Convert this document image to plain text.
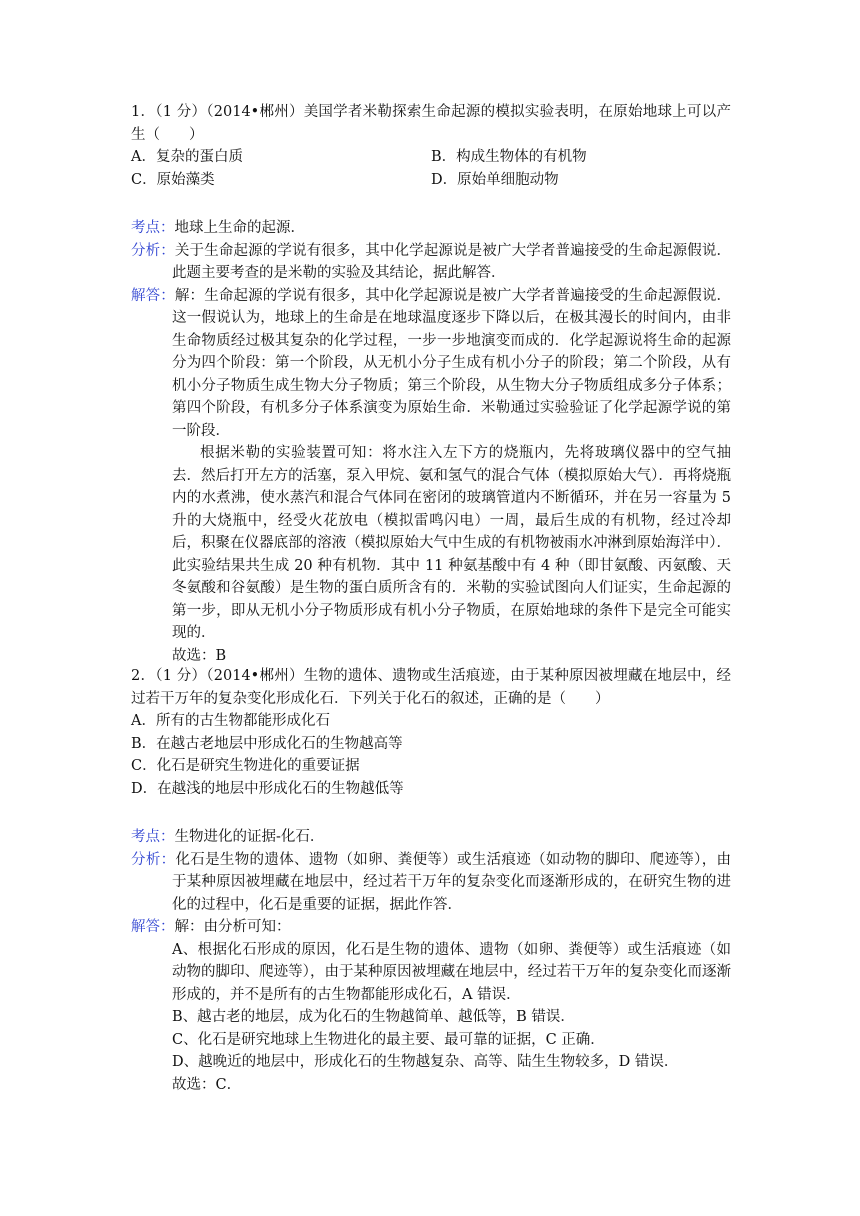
1．（1 分）（2014•郴州）美国学者米勒探索生命起源的模拟实验表明，在原始地球上可以产生（　　）
A．复杂的蛋白质	B．构成生物体的有机物
C．原始藻类	D．原始单细胞动物
考点： 地球上生命的起源．
分析：关于生命起源的学说有很多，其中化学起源说是被广大学者普遍接受的生命起源假说．此题主要考查的是米勒的实验及其结论，据此解答．
解答：解：生命起源的学说有很多，其中化学起源说是被广大学者普遍接受的生命起源假说．这一假说认为，地球上的生命是在地球温度逐步下降以后，在极其漫长的时间内，由非生命物质经过极其复杂的化学过程，一步一步地演变而成的．化学起源说将生命的起源分为四个阶段：第一个阶段，从无机小分子生成有机小分子的阶段；第二个阶段，从有机小分子物质生成生物大分子物质；第三个阶段，从生物大分子物质组成多分子体系；第四个阶段，有机多分子体系演变为原始生命．米勒通过实验验证了化学起源学说的第一阶段．
根据米勒的实验装置可知：将水注入左下方的烧瓶内，先将玻璃仪器中的空气抽去．然后打开左方的活塞，泵入甲烷、氨和氢气的混合气体（模拟原始大气）．再将烧瓶内的水煮沸，使水蒸汽和混合气体同在密闭的玻璃管道内不断循环，并在另一容量为 5 升的大烧瓶中，经受火花放电（模拟雷鸣闪电）一周，最后生成的有机物，经过冷却后，积聚在仪器底部的溶液（模拟原始大气中生成的有机物被雨水冲淋到原始海洋中）．此实验结果共生成 20 种有机物．其中 11 种氨基酸中有 4 种（即甘氨酸、丙氨酸、天冬氨酸和谷氨酸）是生物的蛋白质所含有的．米勒的实验试图向人们证实，生命起源的第一步，即从无机小分子物质形成有机小分子物质，在原始地球的条件下是完全可能实现的．
故选：B
2．（1 分）（2014•郴州）生物的遗体、遗物或生活痕迹，由于某种原因被埋藏在地层中，经过若干万年的复杂变化形成化石．下列关于化石的叙述，正确的是（　　）
A．所有的古生物都能形成化石
B．在越古老地层中形成化石的生物越高等
C．化石是研究生物进化的重要证据
D．在越浅的地层中形成化石的生物越低等
考点： 生物进化的证据-化石．
分析：化石是生物的遗体、遗物（如卵、粪便等）或生活痕迹（如动物的脚印、爬迹等），由于某种原因被埋藏在地层中，经过若干万年的复杂变化而逐渐形成的，在研究生物的进化的过程中，化石是重要的证据，据此作答．
解答：解：由分析可知：
A、根据化石形成的原因，化石是生物的遗体、遗物（如卵、粪便等）或生活痕迹（如动物的脚印、爬迹等），由于某种原因被埋藏在地层中，经过若干万年的复杂变化而逐渐形成的，并不是所有的古生物都能形成化石，A 错误．
B、越古老的地层，成为化石的生物越简单、越低等，B 错误．
C、化石是研究地球上生物进化的最主要、最可靠的证据，C 正确．
D、越晚近的地层中，形成化石的生物越复杂、高等、陆生生物较多，D 错误．
故选：C．
